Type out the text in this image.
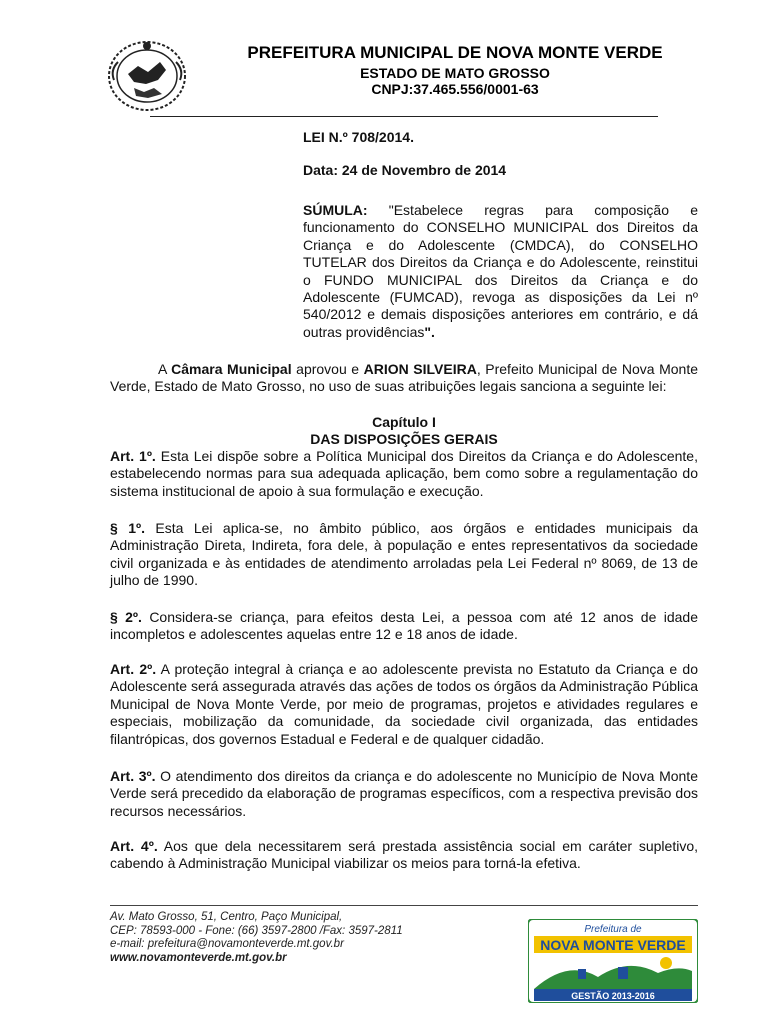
PREFEITURA MUNICIPAL DE NOVA MONTE VERDE
ESTADO DE MATO GROSSO
CNPJ:37.465.556/0001-63
LEI N.º 708/2014.
Data: 24 de Novembro de 2014
SÚMULA: "Estabelece regras para composição e funcionamento do CONSELHO MUNICIPAL dos Direitos da Criança e do Adolescente (CMDCA), do CONSELHO TUTELAR dos Direitos da Criança e do Adolescente, reinstitui o FUNDO MUNICIPAL dos Direitos da Criança e do Adolescente (FUMCAD), revoga as disposições da Lei nº 540/2012 e demais disposições anteriores em contrário, e dá outras providências".
A Câmara Municipal aprovou e ARION SILVEIRA, Prefeito Municipal de Nova Monte Verde, Estado de Mato Grosso, no uso de suas atribuições legais sanciona a seguinte lei:
Capítulo I
DAS DISPOSIÇÕES GERAIS
Art. 1º. Esta Lei dispõe sobre a Política Municipal dos Direitos da Criança e do Adolescente, estabelecendo normas para sua adequada aplicação, bem como sobre a regulamentação do sistema institucional de apoio à sua formulação e execução.
§ 1º. Esta Lei aplica-se, no âmbito público, aos órgãos e entidades municipais da Administração Direta, Indireta, fora dele, à população e entes representativos da sociedade civil organizada e às entidades de atendimento arroladas pela Lei Federal nº 8069, de 13 de julho de 1990.
§ 2º. Considera-se criança, para efeitos desta Lei, a pessoa com até 12 anos de idade incompletos e adolescentes aquelas entre 12 e 18 anos de idade.
Art. 2º. A proteção integral à criança e ao adolescente prevista no Estatuto da Criança e do Adolescente será assegurada através das ações de todos os órgãos da Administração Pública Municipal de Nova Monte Verde, por meio de programas, projetos e atividades regulares e especiais, mobilização da comunidade, da sociedade civil organizada, das entidades filantrópicas, dos governos Estadual e Federal e de qualquer cidadão.
Art. 3º. O atendimento dos direitos da criança e do adolescente no Município de Nova Monte Verde será precedido da elaboração de programas específicos, com a respectiva previsão dos recursos necessários.
Art. 4º. Aos que dela necessitarem será prestada assistência social em caráter supletivo, cabendo à Administração Municipal viabilizar os meios para torná-la efetiva.
Av. Mato Grosso, 51, Centro, Paço Municipal,
CEP: 78593-000 - Fone: (66) 3597-2800 /Fax: 3597-2811
e-mail: prefeitura@novamonteverde.mt.gov.br
www.novamonteverde.mt.gov.br
Prefeitura de
NOVA MONTE VERDE
GESTÃO 2013-2016
